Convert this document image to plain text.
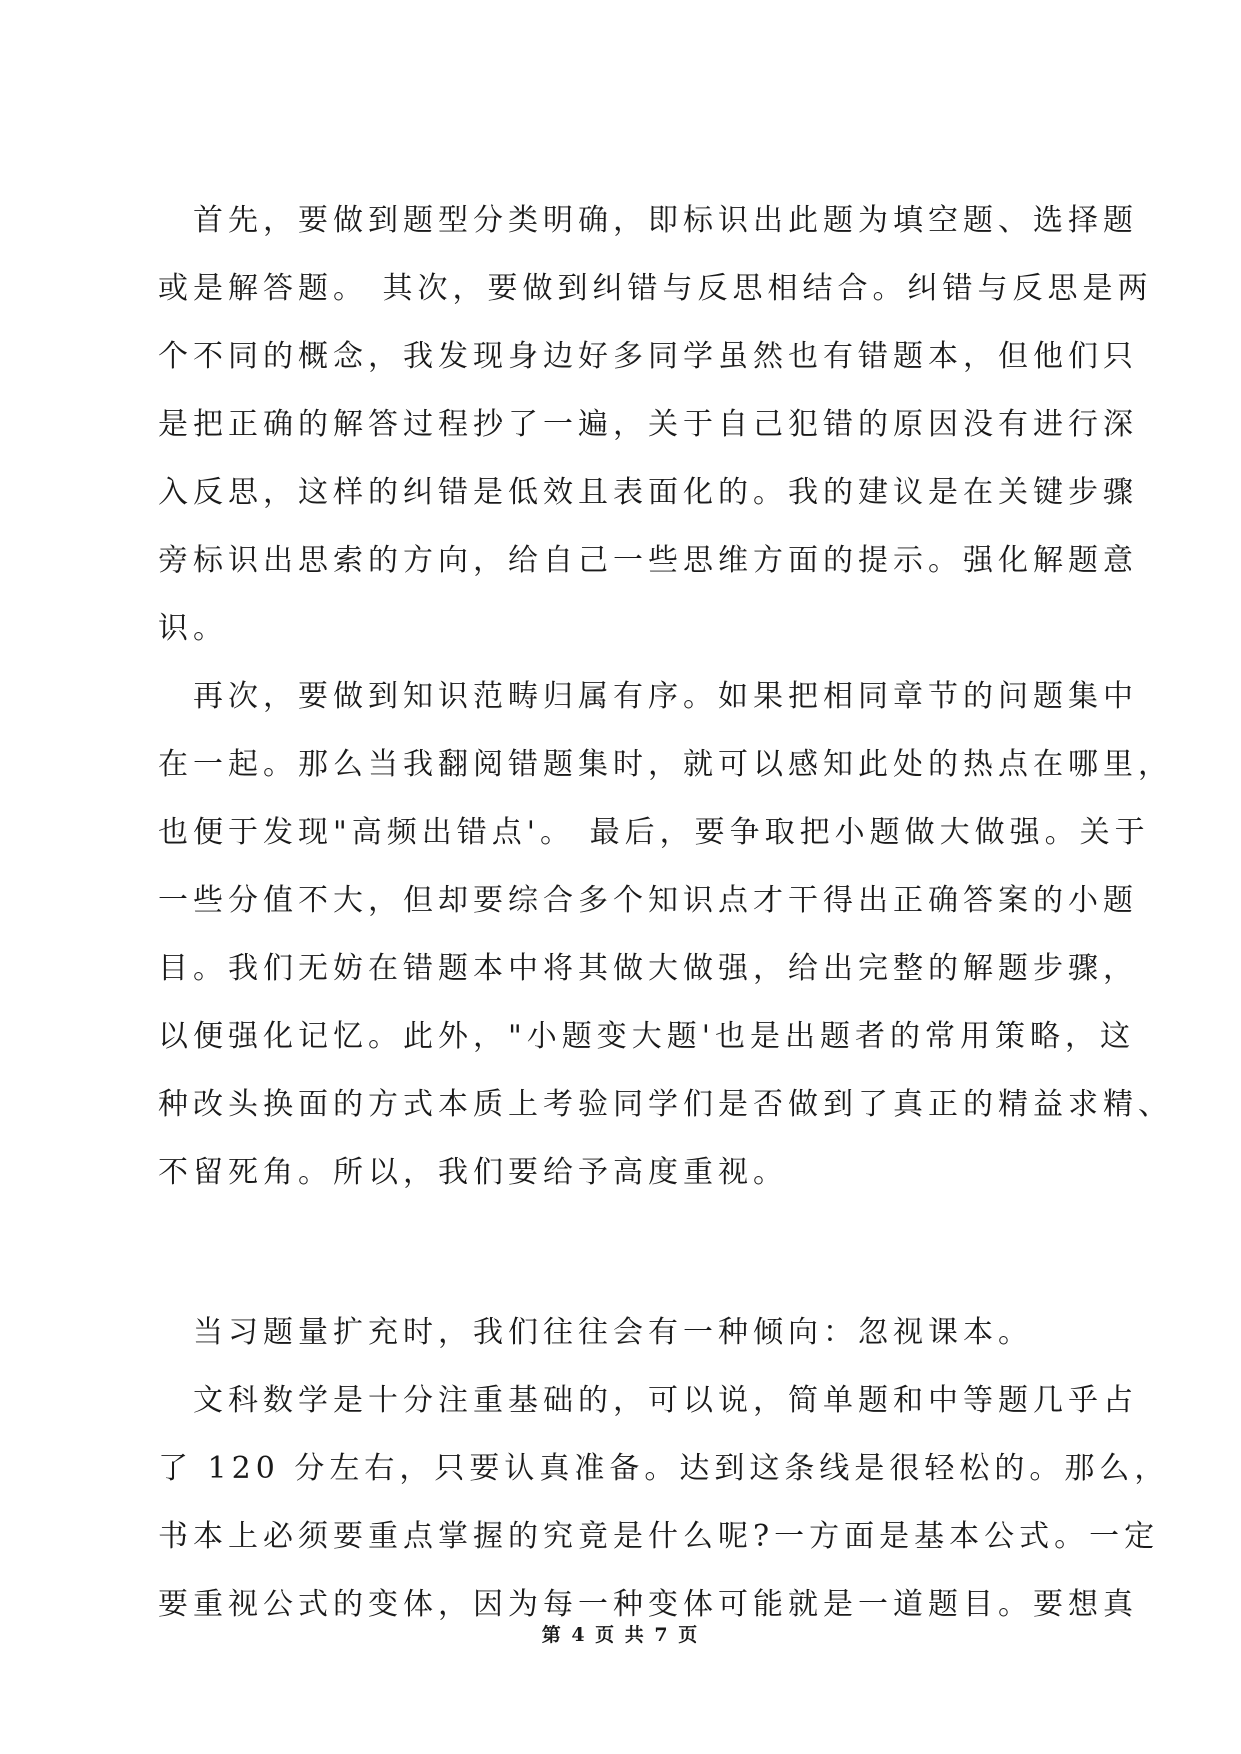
　首先，要做到题型分类明确，即标识出此题为填空题、选择题
或是解答题。 其次，要做到纠错与反思相结合。纠错与反思是两
个不同的概念，我发现身边好多同学虽然也有错题本，但他们只
是把正确的解答过程抄了一遍，关于自己犯错的原因没有进行深
入反思，这样的纠错是低效且表面化的。我的建议是在关键步骤
旁标识出思索的方向，给自己一些思维方面的提示。强化解题意
识。
　再次，要做到知识范畴归属有序。如果把相同章节的问题集中
在一起。那么当我翻阅错题集时，就可以感知此处的热点在哪里，
也便于发现"高频出错点'。 最后，要争取把小题做大做强。关于
一些分值不大，但却要综合多个知识点才干得出正确答案的小题
目。我们无妨在错题本中将其做大做强，给出完整的解题步骤，
以便强化记忆。此外，"小题变大题'也是出题者的常用策略，这
种改头换面的方式本质上考验同学们是否做到了真正的精益求精、
不留死角。所以，我们要给予高度重视。
　当习题量扩充时，我们往往会有一种倾向：忽视课本。
　文科数学是十分注重基础的，可以说，简单题和中等题几乎占
了 120 分左右，只要认真准备。达到这条线是很轻松的。那么，
书本上必须要重点掌握的究竟是什么呢?一方面是基本公式。一定
要重视公式的变体，因为每一种变体可能就是一道题目。要想真
第 4 页 共 7 页
